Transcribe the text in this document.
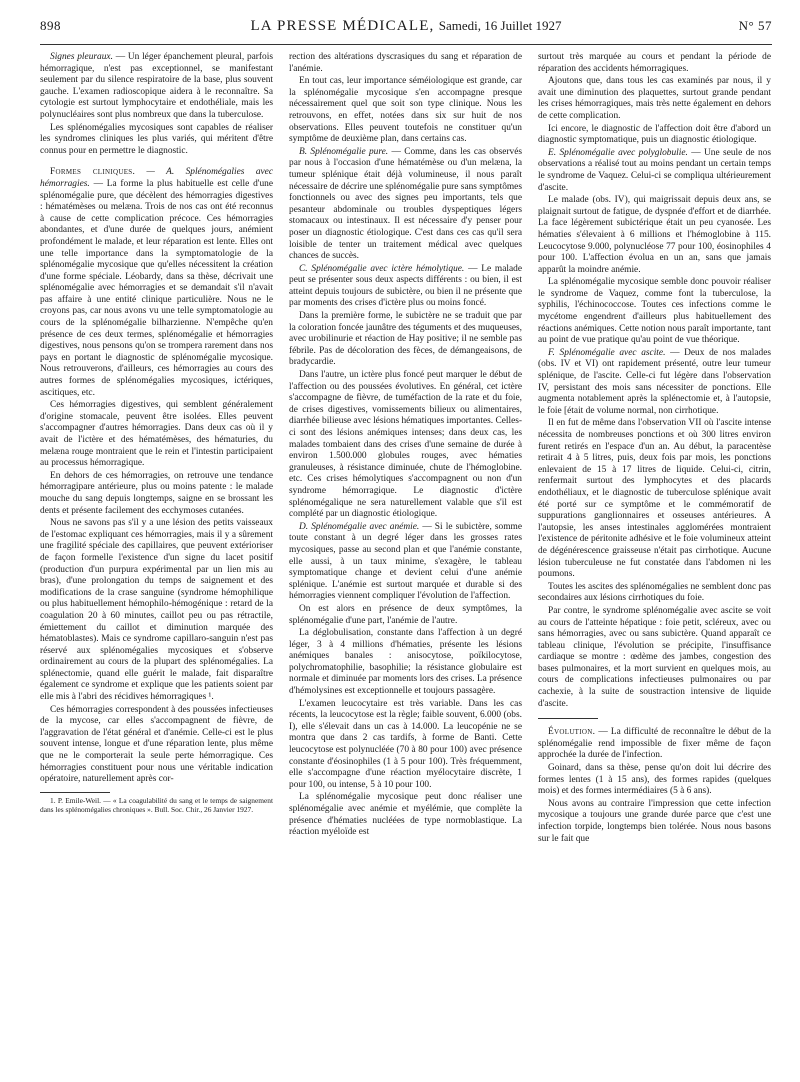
898	LA PRESSE MÉDICALE, Samedi, 16 Juillet 1927	N° 57

Signes pleuraux. — Un léger épanchement pleural, parfois hémorragique, n'est pas exceptionnel, se manifestant seulement par du silence respiratoire de la base, plus souvent gauche. L'examen radioscopique aidera à le reconnaître. Sa cytologie est surtout lymphocytaire et endothéliale, mais les polynucléaires sont plus nombreux que dans la tuberculose.

Les splénomégalies mycosiques sont capables de réaliser les syndromes cliniques les plus variés, qui méritent d'être connus pour en permettre le diagnostic.

Formes cliniques. — A. Splénomégalies avec hémorragies. — La forme la plus habituelle est celle d'une splénomégalie pure, que décèlent des hémorragies digestives : hématémèses ou melæna. Trois de nos cas ont été reconnus à cause de cette complication précoce. Ces hémorragies abondantes, et d'une durée de quelques jours, anémient profondément le malade, et leur réparation est lente. Elles ont une telle importance dans la symptomatologie de la splénomégalie mycosique que qu'elles nécessitent la création d'une forme spéciale. Léobardy, dans sa thèse, décrivait une splénomégalie avec hémorragies et se demandait s'il n'avait pas affaire à une entité clinique particulière. Nous ne le croyons pas, car nous avons vu une telle symptomatologie au cours de la splénomégalie bilharzienne. N'empêche qu'en présence de ces deux termes, splénomégalie et hémorragies digestives, nous pensons qu'on se tromperа rarement dans nos pays en portant le diagnostic de splénomégalie mycosique. Nous retrouverons, d'ailleurs, ces hémorragies au cours des autres formes de splénomégalies mycosiques, ictériques, ascitiques, etc.

Ces hémorragies digestives, qui semblent généralement d'origine stomacale, peuvent être isolées. Elles peuvent s'accompagner d'autres hémorragies. Dans deux cas où il y avait de l'ictère et des hématémèses, des hématuries, du melæna rouge montraient que le rein et l'intestin participaient au processus hémorragique.

En dehors de ces hémorragies, on retrouve une tendance hémorragipare antérieure, plus ou moins patente : le malade mouche du sang depuis longtemps, saigne en se brossant les dents et présente facilement des ecchymoses cutanées.

Nous ne savons pas s'il y a une lésion des petits vaisseaux de l'estomac expliquant ces hémorragies, mais il y a sûrement une fragilité spéciale des capillaires, que peuvent extérioriser de façon formelle l'existence d'un signe du lacet positif (production d'un purpura expérimental par un lien mis au bras), d'une prolongation du temps de saignement et des modifications de la crase sanguine (syndrome hémophilique ou plus habituellement hémophilo-hémogénique : retard de la coagulation 20 à 60 minutes, caillot peu ou pas rétractile, émiettement du caillot et diminution marquée des hématoblastes). Mais ce syndrome capillaro-sanguin n'est pas réservé aux splénomégalies mycosiques et s'observe ordinairement au cours de la plupart des splénomégalies. La splénectomie, quand elle guérit le malade, fait disparaître également ce syndrome et explique que les patients soient par elle mis à l'abri des récidives hémorragiques ¹.

Ces hémorragies correspondent à des poussées infectieuses de la mycose, car elles s'accompagnent de fièvre, de l'aggravation de l'état général et d'anémie. Celle-ci est le plus souvent intense, longue et d'une réparation lente, plus même que ne le comporterait la seule perte hémorragique. Ces hémorragies constituent pour nous une véritable indication opératoire, naturellement après cor-

1. P. Emile-Weil. — « La coagulabilité du sang et le temps de saignement dans les splénomégalies chroniques ». Bull. Soc. Chir., 26 Janvier 1927.

rection des altérations dyscrasiques du sang et réparation de l'anémie.

En tout cas, leur importance séméiologique est grande, car la splénomégalie mycosique s'en accompagne presque nécessairement quel que soit son type clinique. Nous les retrouvons, en effet, notées dans six sur huit de nos observations. Elles peuvent toutefois ne constituer qu'un symptôme de deuxième plan, dans certains cas.

B. Splénomégalie pure. — Comme, dans les cas observés par nous à l'occasion d'une hématémèse ou d'un melæna, la tumeur splénique était déjà volumineuse, il nous paraît nécessaire de décrire une splénomégalie pure sans symptômes fonctionnels ou avec des signes peu importants, tels que pesanteur abdominale ou troubles dyspeptiques légers stomacaux ou intestinaux. Il est nécessaire d'y penser pour poser un diagnostic étiologique. C'est dans ces cas qu'il sera loisible de tenter un traitement médical avec quelques chances de succès.

C. Splénomégalie avec ictère hémolytique. — Le malade peut se présenter sous deux aspects différents : ou bien, il est atteint depuis toujours de subictère, ou bien il ne présente que par moments des crises d'ictère plus ou moins foncé.

Dans la première forme, le subictère ne se traduit que par la coloration foncée jaunâtre des téguments et des muqueuses, avec urobilinurie et réaction de Hay positive; il ne semble pas fébrile. Pas de décoloration des fèces, de démangeaisons, de bradycardie.

Dans l'autre, un ictère plus foncé peut marquer le début de l'affection ou des poussées évolutives. En général, cet ictère s'accompagne de fièvre, de tuméfaction de la rate et du foie, de crises digestives, vomissements bilieux ou alimentaires, diarrhée bilieuse avec lésions hématiques importantes. Celles-ci sont des lésions anémiques intenses; dans deux cas, les malades tombaient dans des crises d'une semaine de durée à environ 1.500.000 globules rouges, avec hématies granuleuses, à résistance diminuée, chute de l'hémoglobine. etc. Ces crises hémolytiques s'accompagnent ou non d'un syndrome hémorragique. Le diagnostic d'ictère splénomégalique ne sera naturellement valable que s'il est complété par un diagnostic étiologique.

D. Splénomégalie avec anémie. — Si le subictère, somme toute constant à un degré léger dans les grosses rates mycosiques, passe au second plan et que l'anémie constante, elle aussi, à un taux minime, s'exagère, le tableau symptomatique change et devient celui d'une anémie splénique. L'anémie est surtout marquée et durable si des hémorragies viennent compliquer l'évolution de l'affection.

On est alors en présence de deux symptômes, la splénomégalie d'une part, l'anémie de l'autre.

La déglobulisation, constante dans l'affection à un degré léger, 3 à 4 millions d'hématies, présente les lésions anémiques banales : anisocytose, poïkilocytose, polychromatophilie, basophilie; la résistance globulaire est normale et diminuée par moments lors des crises. La présence d'hémolysines est exceptionnelle et toujours passagère.

L'examen leucocytaire est très variable. Dans les cas récents, la leucocytose est la règle; faible souvent, 6.000 (obs. I), elle s'élevait dans un cas à 14.000. La leucopénie ne se montra que dans 2 cas tardifs, à forme de Banti. Cette leucocytose est polynucléée (70 à 80 pour 100) avec présence constante d'éosinophiles (1 à 5 pour 100). Très fréquemment, elle s'accompagne d'une réaction myélocytaire discrète, 1 pour 100, ou intense, 5 à 10 pour 100.

La splénomégalie mycosique peut donc réaliser une splénomégalie avec anémie et myélémie, que complète la présence d'hématies nucléées de type normoblastique. La réaction myéloïde est

surtout très marquée au cours et pendant la période de réparation des accidents hémorragiques.

Ajoutons que, dans tous les cas examinés par nous, il y avait une diminution des plaquettes, surtout grande pendant les crises hémorragiques, mais très nette également en dehors de cette complication.

Ici encore, le diagnostic de l'affection doit être d'abord un diagnostic symptomatique, puis un diagnostic étiologique.

E. Splénomégalie avec polyglobulie. — Une seule de nos observations a réalisé tout au moins pendant un certain temps le syndrome de Vaquez. Celui-ci se compliqua ultérieurement d'ascite.

Le malade (obs. IV), qui maigrissait depuis deux ans, se plaignait surtout de fatigue, de dyspnée d'effort et de diarrhée. La face légèrement subictérique était un peu cyanosée. Les hématies s'élevaient à 6 millions et l'hémoglobine à 115. Leucocytose 9.000, polynucléose 77 pour 100, éosinophiles 4 pour 100. L'affection évolua en un an, sans que jamais apparût la moindre anémie.

La splénomégalie mycosique semble donc pouvoir réaliser le syndrome de Vaquez, comme font la tuberculose, la syphilis, l'échinococcose. Toutes ces infections comme le mycétome engendrent d'ailleurs plus habituellement des réactions anémiques. Cette notion nous paraît importante, tant au point de vue pratique qu'au point de vue théorique.

F. Splénomégalie avec ascite. — Deux de nos malades (obs. IV et VI) ont rapidement présenté, outre leur tumeur splénique, de l'ascite. Celle-ci fut légère dans l'observation IV, persistant des mois sans nécessiter de ponctions. Elle augmenta notablement après la splénectomie et, à l'autopsie, le foie [était de volume normal, non cirrhotique.

Il en fut de même dans l'observation VII où l'ascite intense nécessita de nombreuses ponctions et où 300 litres environ furent retirés en l'espace d'un an. Au début, la paracentèse retirait 4 à 5 litres, puis, deux fois par mois, les ponctions enlevaient de 15 à 17 litres de liquide. Celui-ci, citrin, renfermait surtout des lymphocytes et des placards endothéliaux, et le diagnostic de tuberculose splénique avait été porté sur ce symptôme et le commémoratif de suppurations ganglionnaires et osseuses antérieures. A l'autopsie, les anses intestinales agglomérées montraient l'existence de péritonite adhésive et le foie volumineux atteint de dégénérescence graisseuse n'était pas cirrhotique. Aucune lésion tuberculeuse ne fut constatée dans l'abdomen ni les poumons.

Toutes les ascites des splénomégalies ne semblent donc pas secondaires aux lésions cirrhotiques du foie.

Par contre, le syndrome splénomégalie avec ascite se voit au cours de l'atteinte hépatique : foie petit, scléreux, avec ou sans hémorragies, avec ou sans subictère. Quand apparaît ce tableau clinique, l'évolution se précipite, l'insuffisance cardiaque se montre : œdème des jambes, congestion des bases pulmonaires, et la mort survient en quelques mois, au cours de complications infectieuses pulmonaires ou par cachexie, à la suite de soustraction intensive de liquide d'ascite.

Évolution. — La difficulté de reconnaître le début de la splénomégalie rend impossible de fixer même de façon approchée la durée de l'infection.

Goinard, dans sa thèse, pense qu'on doit lui décrire des formes lentes (1 à 15 ans), des formes rapides (quelques mois) et des formes intermédiaires (5 à 6 ans).

Nous avons au contraire l'impression que cette infection mycosique a toujours une grande durée parce que c'est une infection torpide, longtemps bien tolérée. Nous nous basons sur le fait que
